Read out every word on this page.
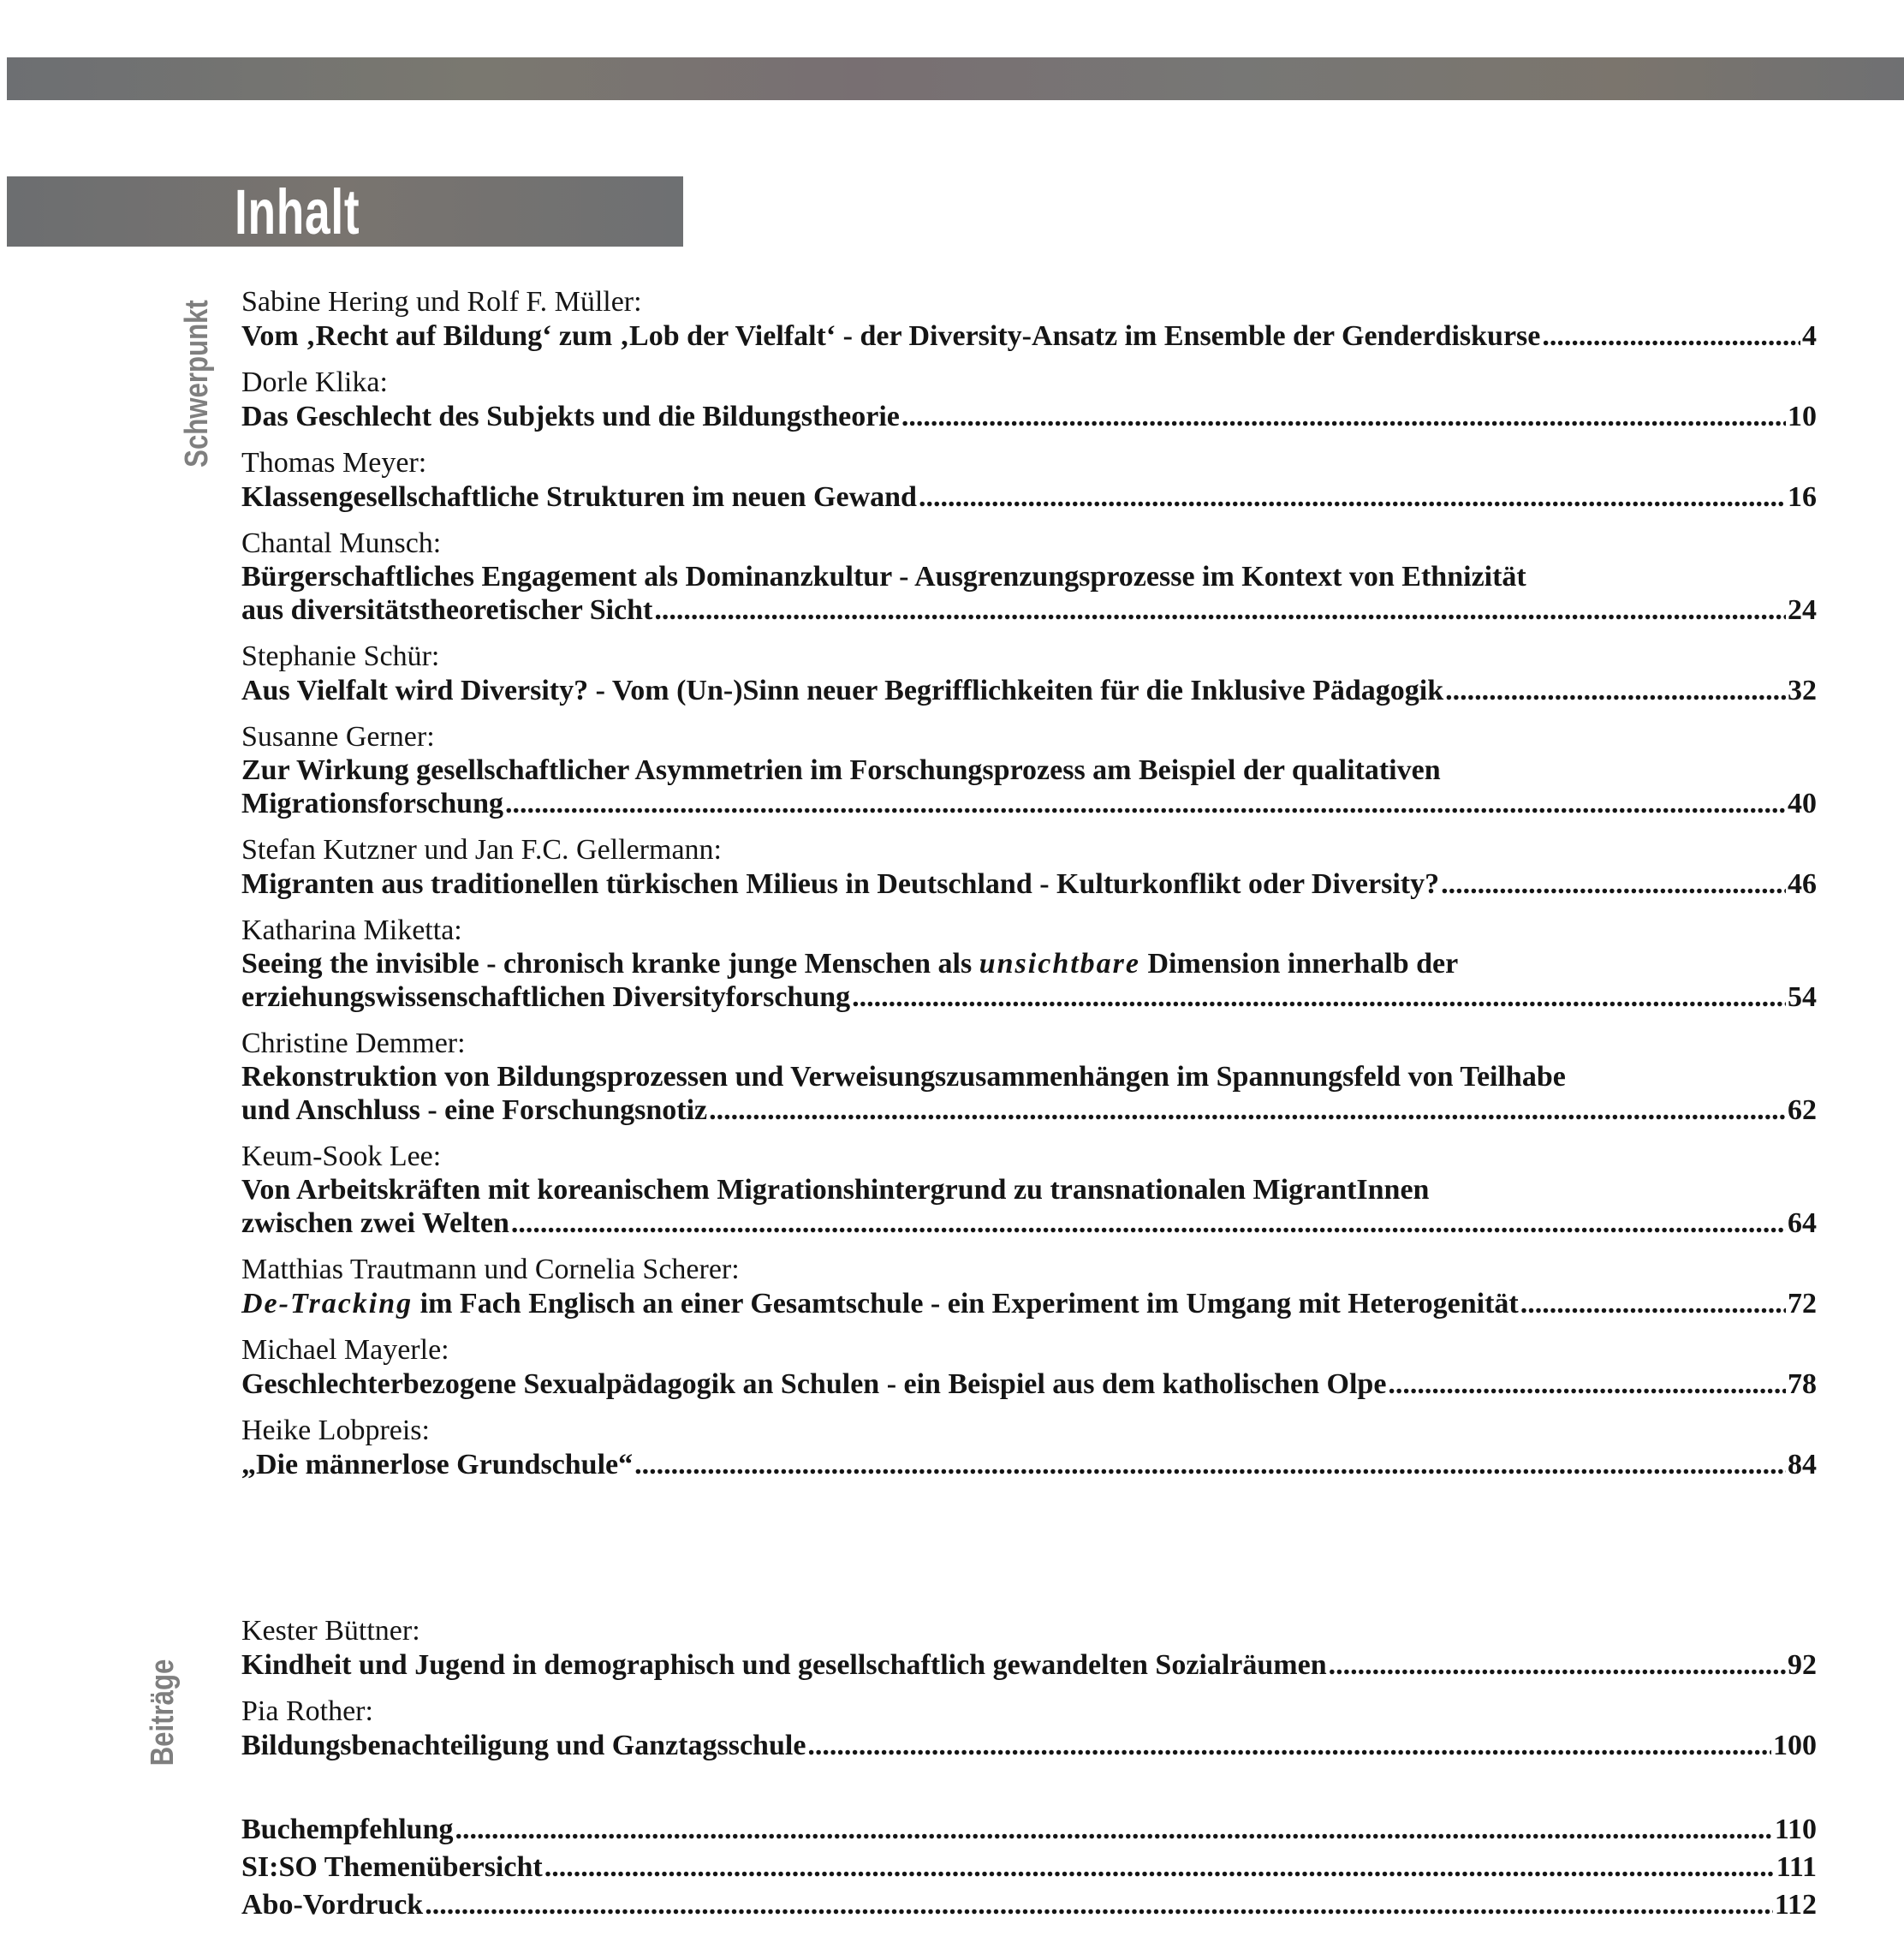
Inhalt
Schwerpunkt
Beiträge
Sabine Hering und Rolf F. Müller:
Vom ‚Recht auf Bildung‘ zum ‚Lob der Vielfalt‘ - der Diversity-Ansatz im Ensemble der Genderdiskurse .....	4
Dorle Klika:
Das Geschlecht des Subjekts und die Bildungstheorie .....	10
Thomas Meyer:
Klassengesellschaftliche Strukturen im neuen Gewand .....	16
Chantal Munsch:
Bürgerschaftliches Engagement als Dominanzkultur - Ausgrenzungsprozesse im Kontext von Ethnizität
aus diversitätstheoretischer Sicht .....	24
Stephanie Schür:
Aus Vielfalt wird Diversity? - Vom (Un-)Sinn neuer Begrifflichkeiten für die Inklusive Pädagogik .....	32
Susanne Gerner:
Zur Wirkung gesellschaftlicher Asymmetrien im Forschungsprozess am Beispiel der qualitativen
Migrationsforschung .....	40
Stefan Kutzner und Jan F.C. Gellermann:
Migranten aus traditionellen türkischen Milieus in Deutschland - Kulturkonflikt oder Diversity? .....	46
Katharina Miketta:
Seeing the invisible - chronisch kranke junge Menschen als unsichtbare Dimension innerhalb der
erziehungswissenschaftlichen Diversityforschung .....	54
Christine Demmer:
Rekonstruktion von Bildungsprozessen und Verweisungszusammenhängen im Spannungsfeld von Teilhabe
und Anschluss - eine Forschungsnotiz .....	62
Keum-Sook Lee:
Von Arbeitskräften mit koreanischem Migrationshintergrund zu transnationalen MigrantInnen
zwischen zwei Welten .....	64
Matthias Trautmann und Cornelia Scherer:
De-Tracking im Fach Englisch an einer Gesamtschule - ein Experiment im Umgang mit Heterogenität .....	72
Michael Mayerle:
Geschlechterbezogene Sexualpädagogik an Schulen - ein Beispiel aus dem katholischen Olpe .....	78
Heike Lobpreis:
„Die männerlose Grundschule“ .....	84
Kester Büttner:
Kindheit und Jugend in demographisch und gesellschaftlich gewandelten Sozialräumen .....	92
Pia Rother:
Bildungsbenachteiligung und Ganztagsschule .....	100
Buchempfehlung .....	110
SI:SO Themenübersicht .....	111
Abo-Vordruck .....	112
